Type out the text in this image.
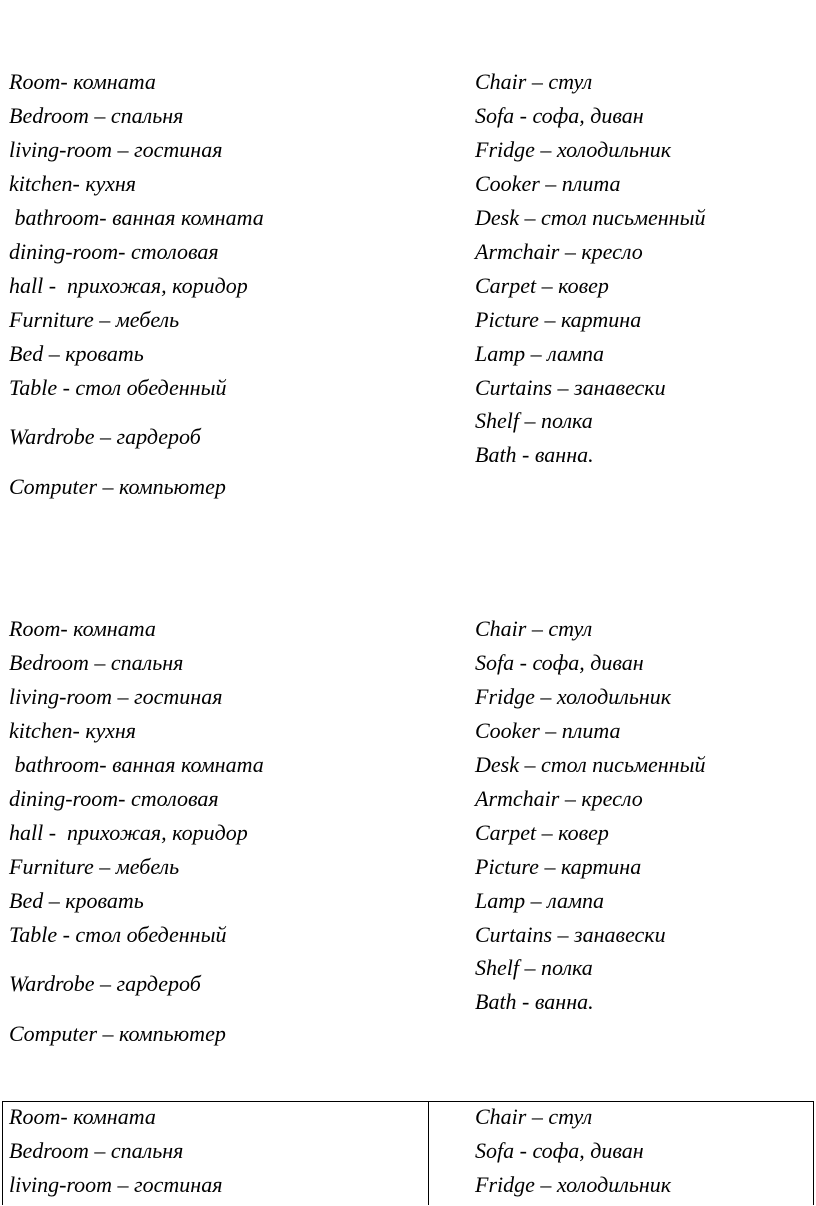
Room- комната
Bedroom – спальня
living-room – гостиная
kitchen- кухня
bathroom- ванная комната
dining-room- столовая
hall -  прихожая, коридор
Furniture – мебель
Bed – кровать
Table - стол обеденный
Wardrobe – гардероб
Computer – компьютер
Chair – стул
Sofa - софа, диван
Fridge – холодильник
Cooker – плита
Desk – стол письменный
Armchair – кресло
Carpet – ковер
Picture – картина
Lamp – лампа
Curtains – занавески
Shelf – полка
Bath - ванна.
Room- комната
Bedroom – спальня
living-room – гостиная
kitchen- кухня
bathroom- ванная комната
dining-room- столовая
hall -  прихожая, коридор
Furniture – мебель
Bed – кровать
Table - стол обеденный
Wardrobe – гардероб
Computer – компьютер
Chair – стул
Sofa - софа, диван
Fridge – холодильник
Cooker – плита
Desk – стол письменный
Armchair – кресло
Carpet – ковер
Picture – картина
Lamp – лампа
Curtains – занавески
Shelf – полка
Bath - ванна.
Room- комната
Bedroom – спальня
living-room – гостиная
Chair – стул
Sofa - софа, диван
Fridge – холодильник
